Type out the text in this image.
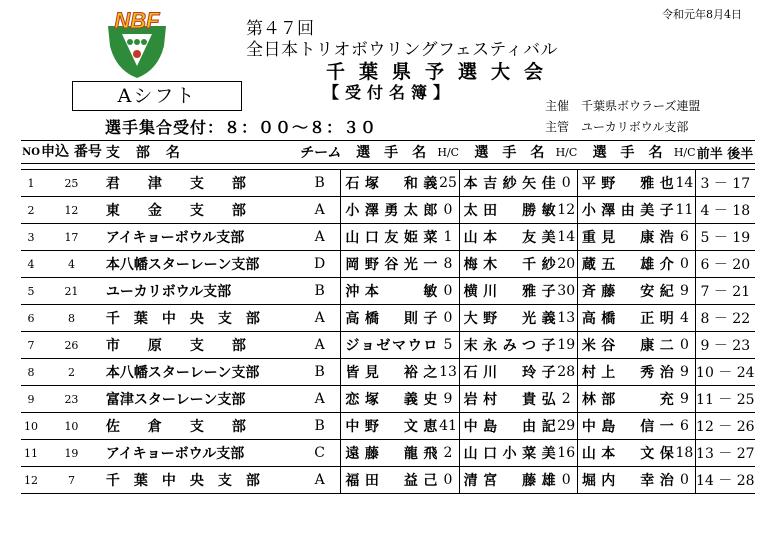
NBF	令和元年8月4日
第４７回
全日本トリオボウリングフェスティバル
千葉県予選大会
【受付名簿】
Aシフト
選手集合受付：８：００～８：３０
主催　千葉県ボウラーズ連盟
主管　ユーカリボウル支部
NO	申込 番号	支　部　名	チーム	選　手　名	H/C	選　手　名	H/C	選　手　名	H/C	前半 後半

1	25	君　　津　　支　　部	B	石塚　和義	25	本吉紗矢佳	0	平野　雅也	14	3 － 17
2	12	東　　金　　支　　部	A	小澤勇太郎	0	太田　勝敏	12	小澤由美子	11	4 － 18
3	17	アイキョーボウル支部	A	山口友姫菜	1	山本　友美	14	重見　康浩	6	5 － 19
4	4	本八幡スターレーン支部	D	岡野谷光一	8	梅木　千紗	20	蔵五　雄介	0	6 － 20
5	21	ユーカリボウル支部	B	沖本　　敏	0	横川　雅子	30	斉藤　安紀	9	7 － 21
6	8	千　葉　中　央　支　部	A	高橋　則子	0	大野　光義	13	高橋　正明	4	8 － 22
7	26	市　　原　　支　　部	A	ジョゼマウロ	5	末永みつ子	19	米谷　康二	0	9 － 23
8	2	本八幡スターレーン支部	B	皆見　裕之	13	石川　玲子	28	村上　秀治	9	10 － 24
9	23	富津スターレーン支部	A	恋塚　義史	9	岩村　貴弘	2	林部　　充	9	11 － 25
10	10	佐　　倉　　支　　部	B	中野　文恵	41	中島　由記	29	中島　信一	6	12 － 26
11	19	アイキョーボウル支部	C	遠藤　龍飛	2	山口小菜美	16	山本　文保	18	13 － 27
12	7	千　葉　中　央　支　部	A	福田　益己	0	清宮　藤雄	0	堀内　幸治	0	14 － 28
